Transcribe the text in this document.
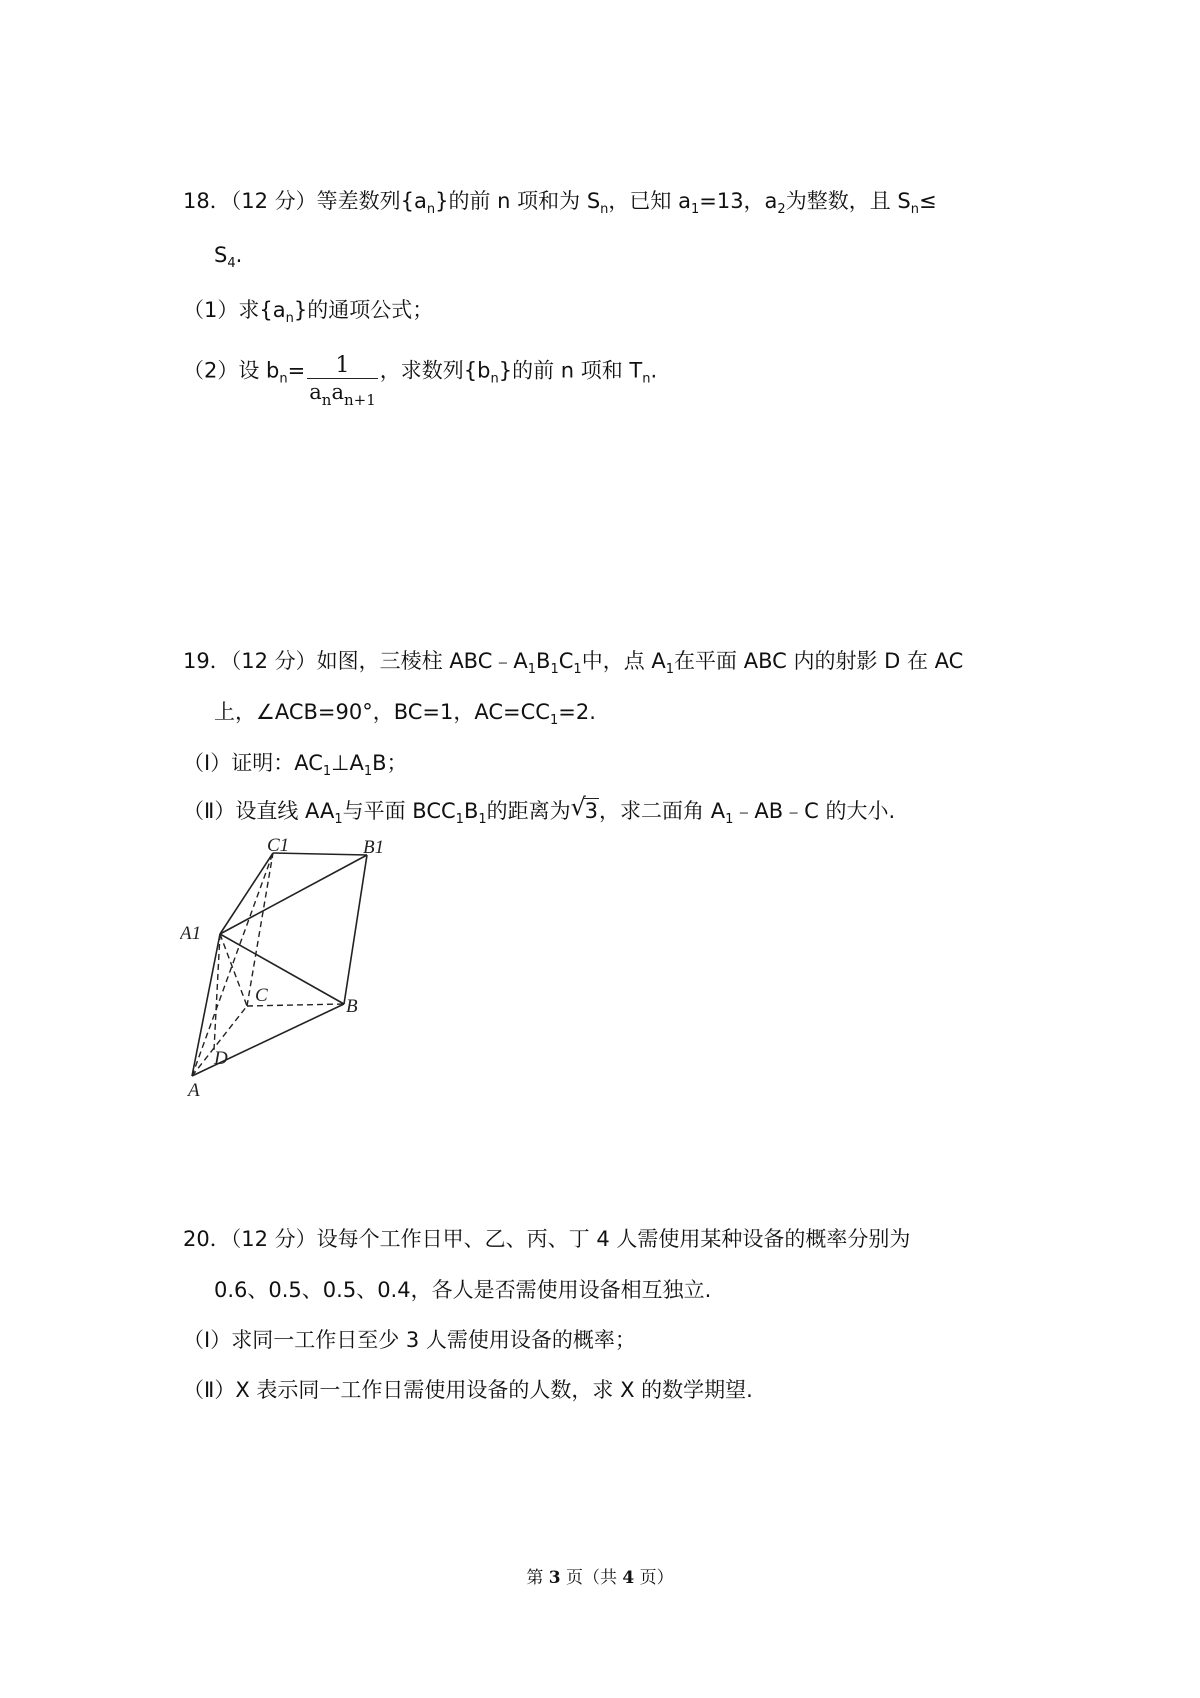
18．（12 分）等差数列$\{a_n\}$的前 n 项和为 $S_n$，已知 $a_1=13$，$a_2$为整数，且 $S_n\le$
$S_4$.
（1）求$\{a_n\}$的通项公式；
（2）设 $b_n= \frac{1}{a_na_{n+1}}$ ，求数列$\{b_n\}$的前 n 项和 $T_n$.
19．（12 分）如图，三棱柱 $ABC﹣A_1B_1C_1$中，点 $A_1$在平面 ABC 内的射影 D 在 AC
上，∠ACB=90°，BC=1，$AC=CC_1=2$.
（Ⅰ）证明：$AC_1\perp A_1B$；
（Ⅱ）设直线 $AA_1$与平面 $BCC_1B_1$的距离为 √
3，求二面角 $A_1﹣AB﹣C$ 的大小.
C1	B1
A1
C
B
D
A
20．（12 分）设每个工作日甲、乙、丙、丁 4 人需使用某种设备的概率分别为
0.6、0.5、0.5、0.4，各人是否需使用设备相互独立.
（Ⅰ）求同一工作日至少 3 人需使用设备的概率；
（Ⅱ）X 表示同一工作日需使用设备的人数，求 X 的数学期望.
第 3 页（共 4 页）
